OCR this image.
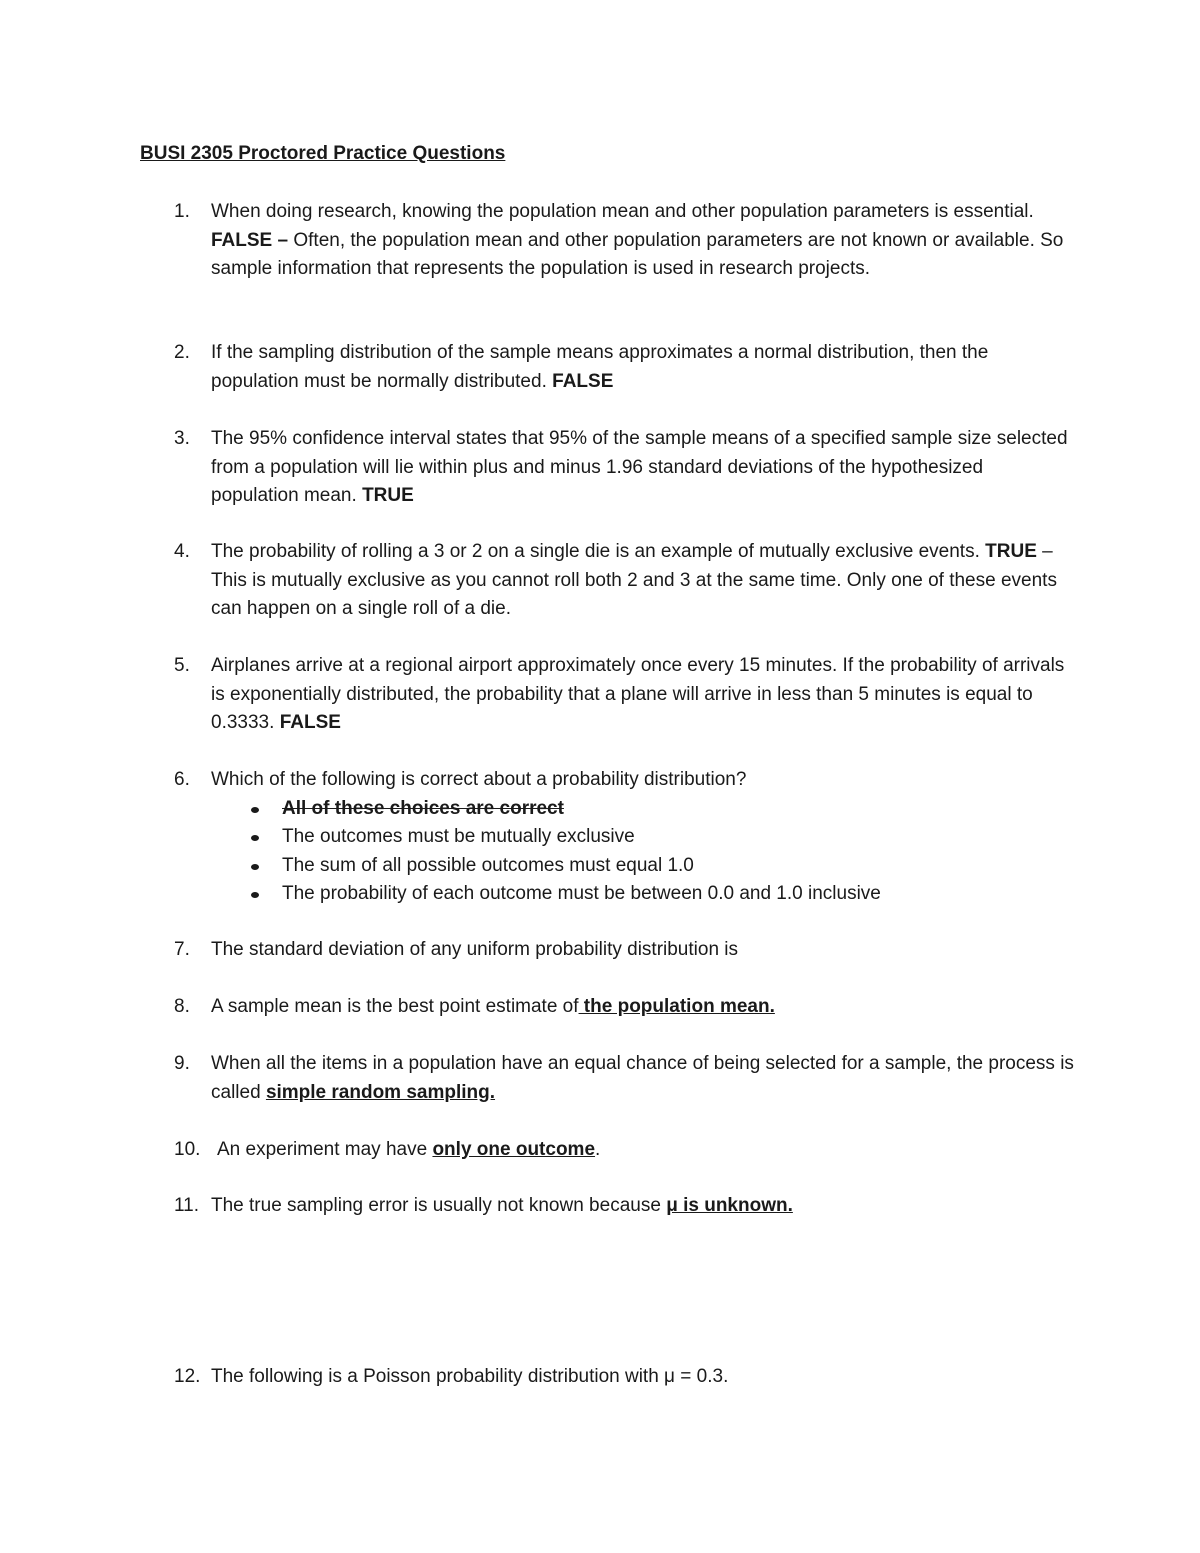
BUSI 2305 Proctored Practice Questions
1. When doing research, knowing the population mean and other population parameters is essential. FALSE – Often, the population mean and other population parameters are not known or available. So sample information that represents the population is used in research projects.
2. If the sampling distribution of the sample means approximates a normal distribution, then the population must be normally distributed. FALSE
3. The 95% confidence interval states that 95% of the sample means of a specified sample size selected from a population will lie within plus and minus 1.96 standard deviations of the hypothesized population mean. TRUE
4. The probability of rolling a 3 or 2 on a single die is an example of mutually exclusive events. TRUE – This is mutually exclusive as you cannot roll both 2 and 3 at the same time. Only one of these events can happen on a single roll of a die.
5. Airplanes arrive at a regional airport approximately once every 15 minutes. If the probability of arrivals is exponentially distributed, the probability that a plane will arrive in less than 5 minutes is equal to 0.3333. FALSE
6. Which of the following is correct about a probability distribution?
All of these choices are correct
The outcomes must be mutually exclusive
The sum of all possible outcomes must equal 1.0
The probability of each outcome must be between 0.0 and 1.0 inclusive
7. The standard deviation of any uniform probability distribution is
8. A sample mean is the best point estimate of the population mean.
9. When all the items in a population have an equal chance of being selected for a sample, the process is called simple random sampling.
10. An experiment may have only one outcome.
11. The true sampling error is usually not known because μ is unknown.
12. The following is a Poisson probability distribution with μ = 0.3.
